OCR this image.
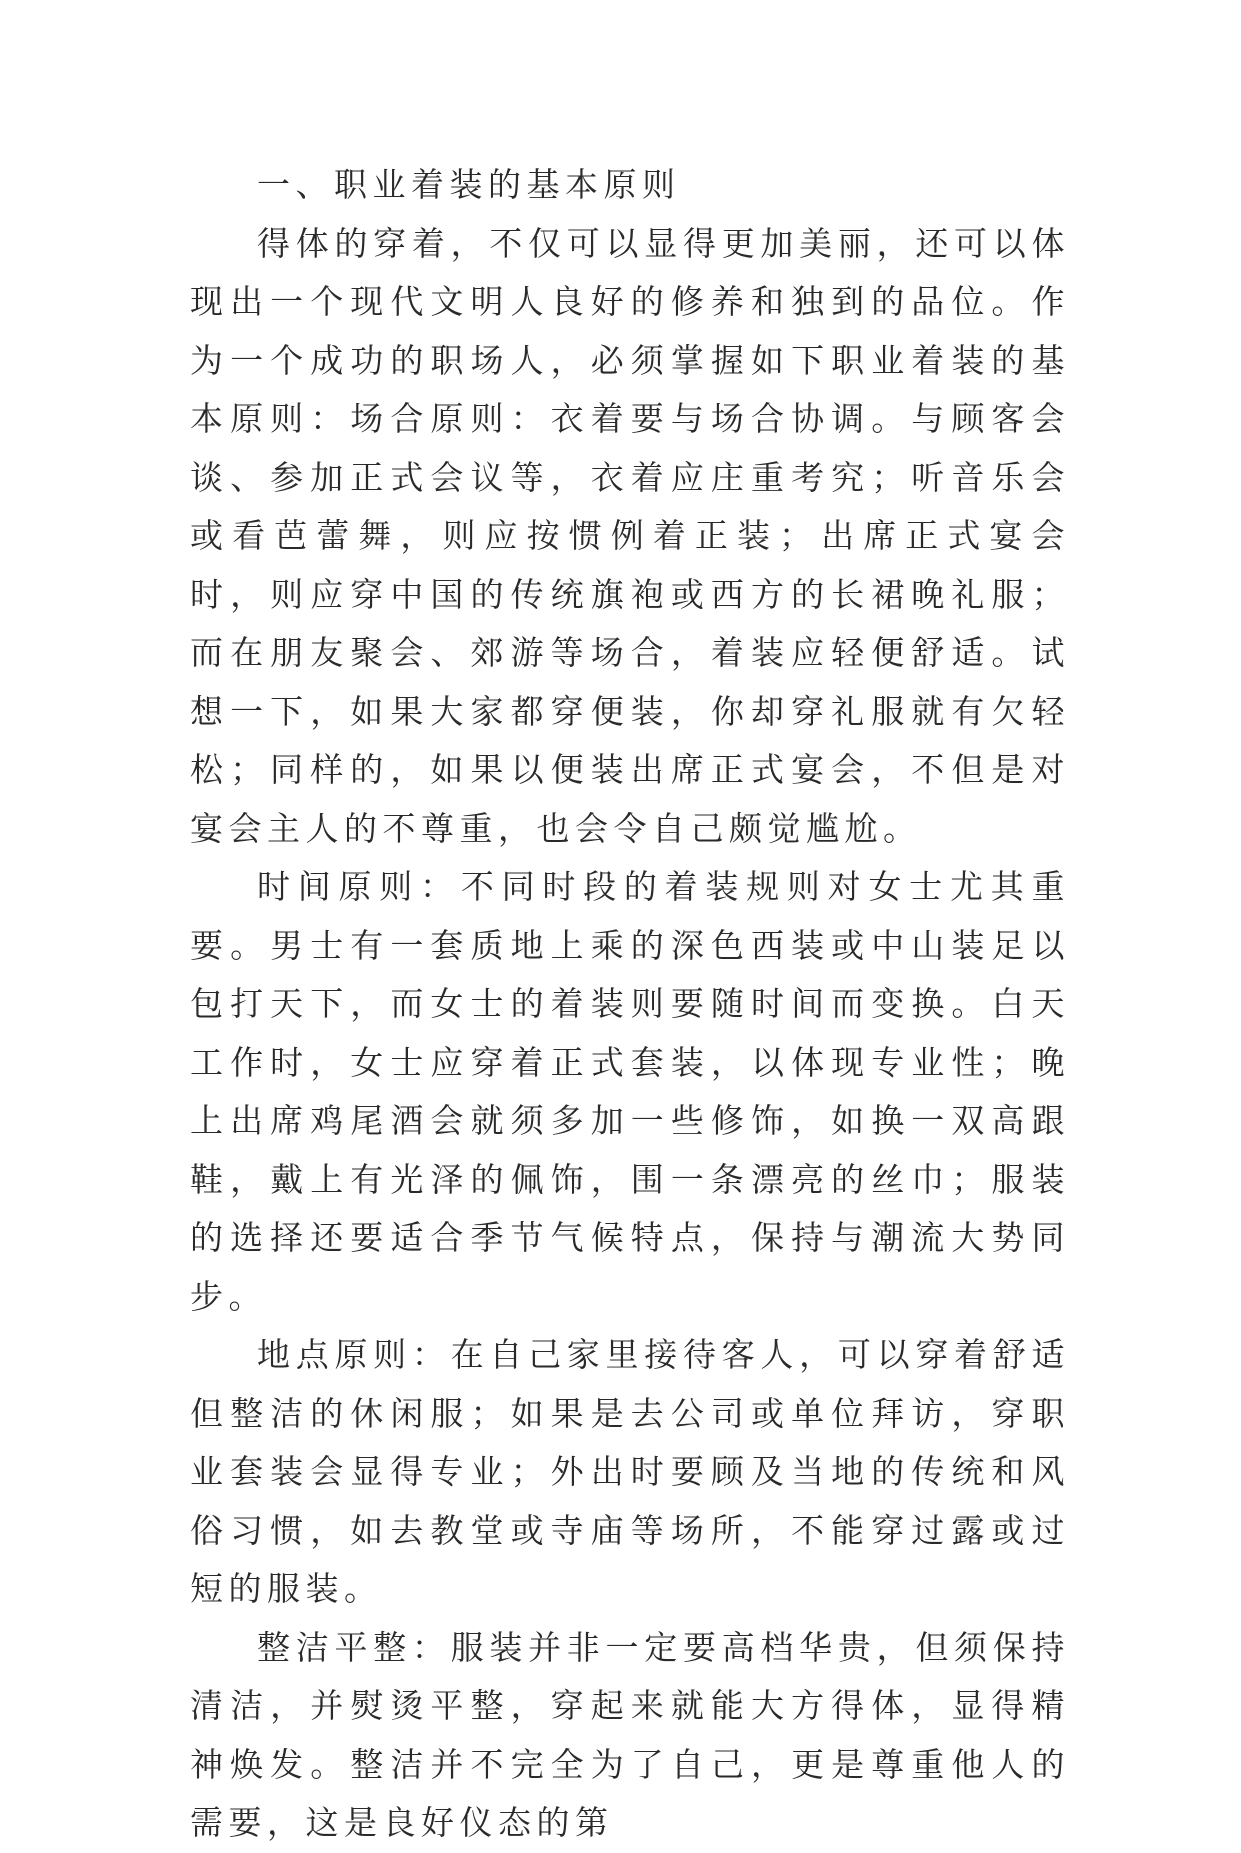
一、职业着装的基本原则

得体的穿着，不仅可以显得更加美丽，还可以体现出一个现代文明人良好的修养和独到的品位。作为一个成功的职场人，必须掌握如下职业着装的基本原则：场合原则：衣着要与场合协调。与顾客会谈、参加正式会议等，衣着应庄重考究；听音乐会或看芭蕾舞，则应按惯例着正装；出席正式宴会时，则应穿中国的传统旗袍或西方的长裙晚礼服；而在朋友聚会、郊游等场合，着装应轻便舒适。试想一下，如果大家都穿便装，你却穿礼服就有欠轻松；同样的，如果以便装出席正式宴会，不但是对宴会主人的不尊重，也会令自己颇觉尴尬。

时间原则：不同时段的着装规则对女士尤其重要。男士有一套质地上乘的深色西装或中山装足以包打天下，而女士的着装则要随时间而变换。白天工作时，女士应穿着正式套装，以体现专业性；晚上出席鸡尾酒会就须多加一些修饰，如换一双高跟鞋，戴上有光泽的佩饰，围一条漂亮的丝巾；服装的选择还要适合季节气候特点，保持与潮流大势同步。

地点原则：在自己家里接待客人，可以穿着舒适但整洁的休闲服；如果是去公司或单位拜访，穿职业套装会显得专业；外出时要顾及当地的传统和风俗习惯，如去教堂或寺庙等场所，不能穿过露或过短的服装。

整洁平整：服装并非一定要高档华贵，但须保持清洁，并熨烫平整，穿起来就能大方得体，显得精神焕发。整洁并不完全为了自己，更是尊重他人的需要，这是良好仪态的第
